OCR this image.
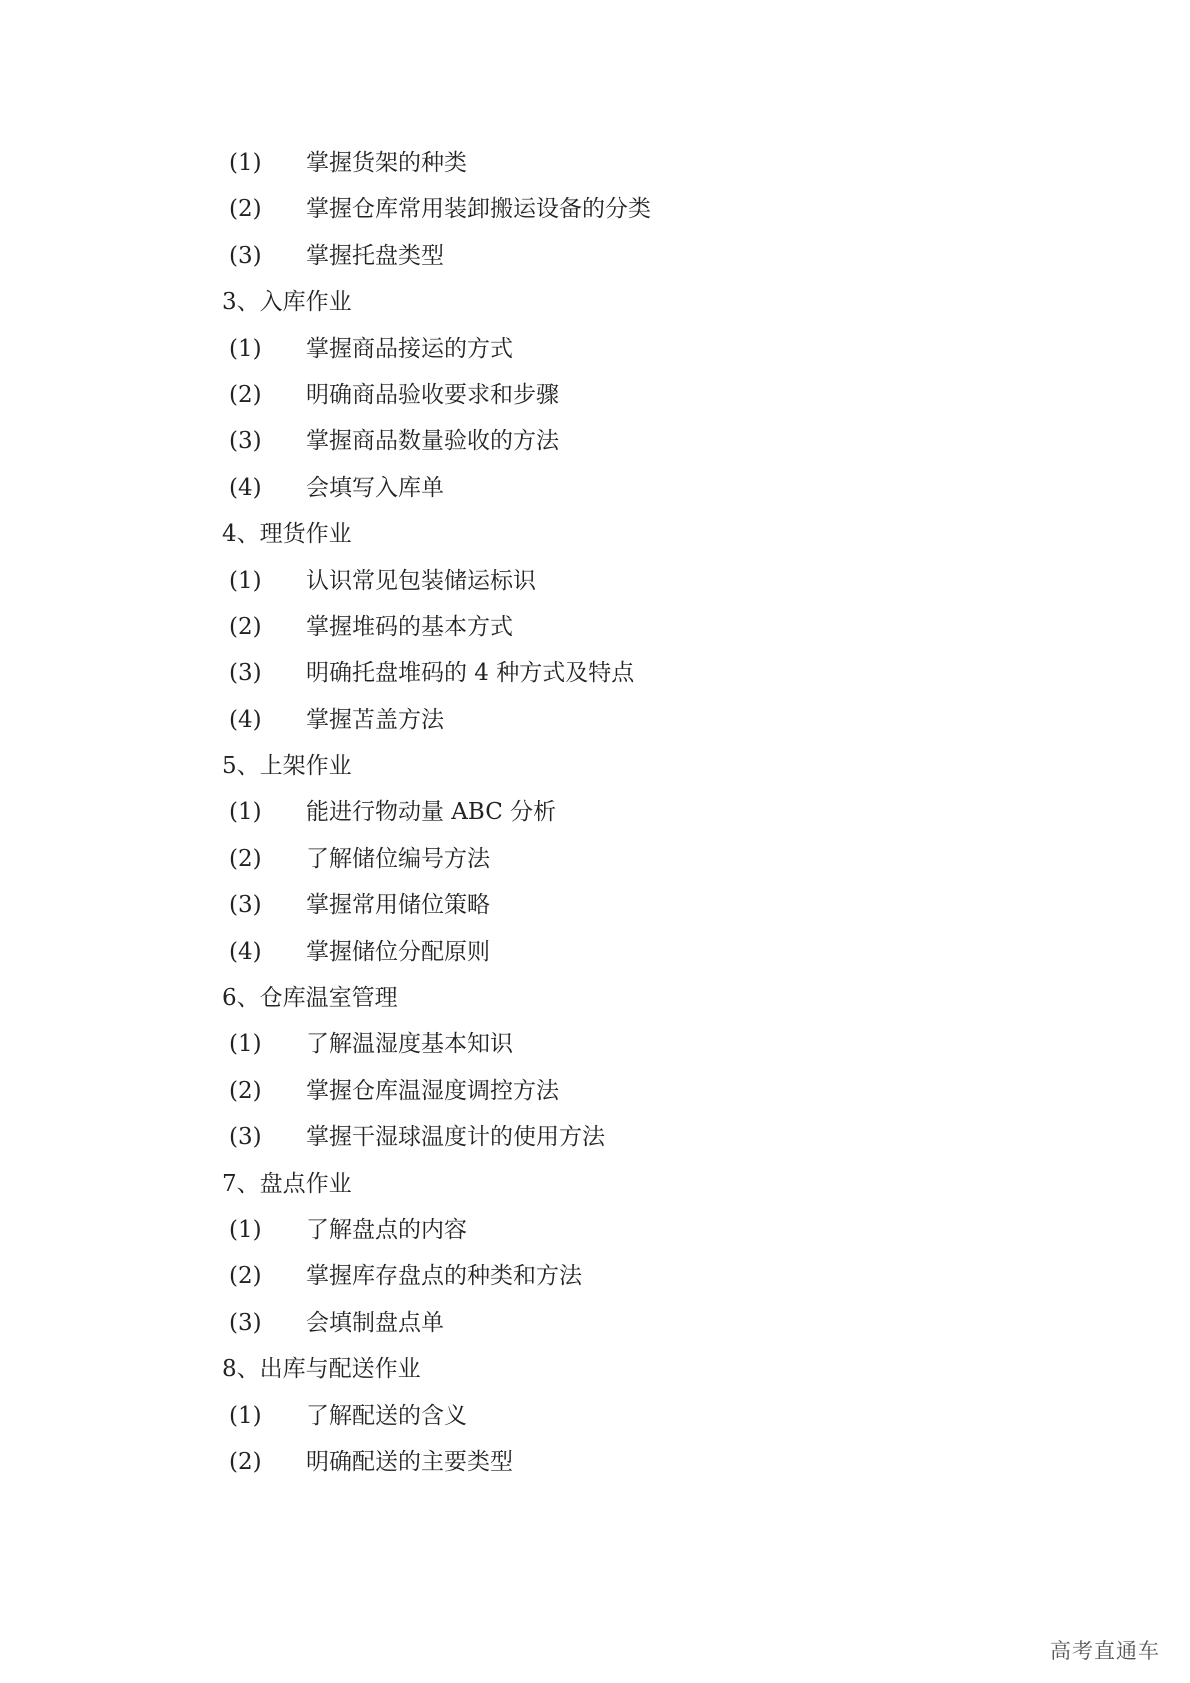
(1) 掌握货架的种类
(2) 掌握仓库常用装卸搬运设备的分类
(3) 掌握托盘类型
3、入库作业
(1) 掌握商品接运的方式
(2) 明确商品验收要求和步骤
(3) 掌握商品数量验收的方法
(4) 会填写入库单
4、理货作业
(1) 认识常见包装储运标识
(2) 掌握堆码的基本方式
(3) 明确托盘堆码的 4 种方式及特点
(4) 掌握苫盖方法
5、上架作业
(1) 能进行物动量 ABC 分析
(2) 了解储位编号方法
(3) 掌握常用储位策略
(4) 掌握储位分配原则
6、仓库温室管理
(1) 了解温湿度基本知识
(2) 掌握仓库温湿度调控方法
(3) 掌握干湿球温度计的使用方法
7、盘点作业
(1) 了解盘点的内容
(2) 掌握库存盘点的种类和方法
(3) 会填制盘点单
8、出库与配送作业
(1) 了解配送的含义
(2) 明确配送的主要类型
高考直通车
